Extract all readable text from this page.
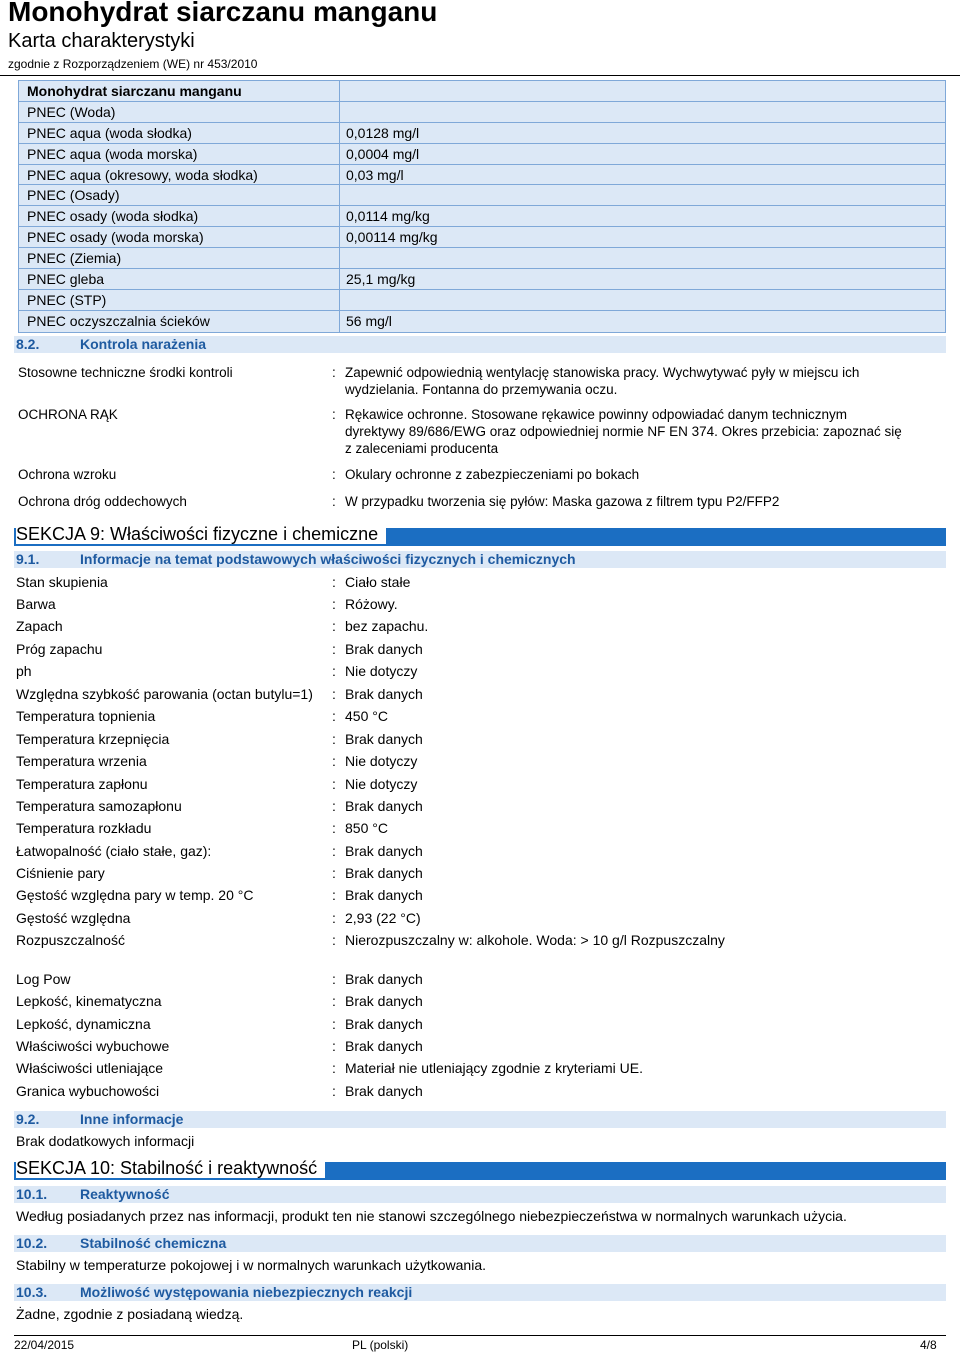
Monohydrat siarczanu manganu
Karta charakterystyki
zgodnie z Rozporządzeniem (WE) nr 453/2010
Monohydrat siarczanu manganu
PNEC (Woda)
PNEC aqua (woda słodka)	0,0128 mg/l
PNEC aqua (woda morska)	0,0004 mg/l
PNEC aqua (okresowy, woda słodka)	0,03 mg/l
PNEC (Osady)
PNEC osady (woda słodka)	0,0114 mg/kg
PNEC osady (woda morska)	0,00114 mg/kg
PNEC (Ziemia)
PNEC gleba	25,1 mg/kg
PNEC (STP)
PNEC oczyszczalnia ścieków	56 mg/l
8.2.	Kontrola narażenia
Stosowne techniczne środki kontroli	: Zapewnić odpowiednią wentylację stanowiska pracy. Wychwytywać pyły w miejscu ich wydzielania. Fontanna do przemywania oczu.
OCHRONA RĄK	: Rękawice ochronne. Stosowane rękawice powinny odpowiadać danym technicznym dyrektywy 89/686/EWG oraz odpowiedniej normie NF EN 374. Okres przebicia: zapoznać się z zaleceniami producenta
Ochrona wzroku	: Okulary ochronne z zabezpieczeniami po bokach
Ochrona dróg oddechowych	: W przypadku tworzenia się pyłów: Maska gazowa z filtrem typu P2/FFP2
SEKCJA 9: Właściwości fizyczne i chemiczne
9.1.	Informacje na temat podstawowych właściwości fizycznych i chemicznych
Stan skupienia	: Ciało stałe
Barwa	: Różowy.
Zapach	: bez zapachu.
Próg zapachu	: Brak danych
ph	: Nie dotyczy
Względna szybkość parowania (octan butylu=1) : Brak danych
Temperatura topnienia	: 450 °C
Temperatura krzepnięcia	: Brak danych
Temperatura wrzenia	: Nie dotyczy
Temperatura zapłonu	: Nie dotyczy
Temperatura samozapłonu	: Brak danych
Temperatura rozkładu	: 850 °C
Łatwopalność (ciało stałe, gaz):	: Brak danych
Ciśnienie pary	: Brak danych
Gęstość względna pary w temp. 20 °C	: Brak danych
Gęstość względna	: 2,93 (22 °C)
Rozpuszczalność	: Nierozpuszczalny w: alkohole. Woda: > 10 g/l Rozpuszczalny
Log Pow	: Brak danych
Lepkość, kinematyczna	: Brak danych
Lepkość, dynamiczna	: Brak danych
Właściwości wybuchowe	: Brak danych
Właściwości utleniające	: Materiał nie utleniający zgodnie z kryteriami UE.
Granica wybuchowości	: Brak danych
9.2.	Inne informacje
Brak dodatkowych informacji
SEKCJA 10: Stabilność i reaktywność
10.1. Reaktywność
Według posiadanych przez nas informacji, produkt ten nie stanowi szczególnego niebezpieczeństwa w normalnych warunkach użycia.
10.2. Stabilność chemiczna
Stabilny w temperaturze pokojowej i w normalnych warunkach użytkowania.
10.3. Możliwość występowania niebezpiecznych reakcji
Żadne, zgodnie z posiadaną wiedzą.
22/04/2015	PL (polski)	4/8
